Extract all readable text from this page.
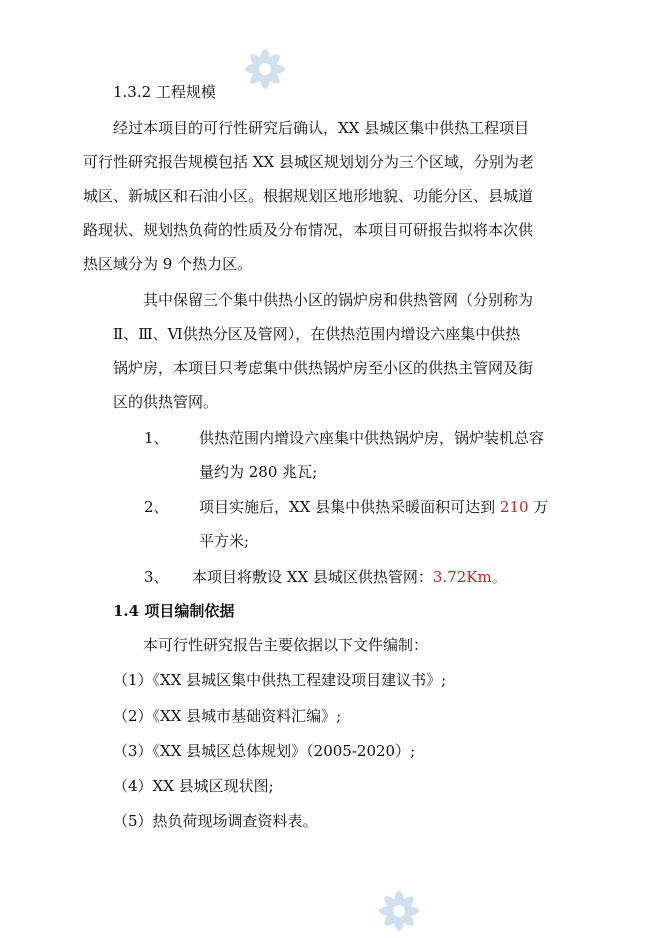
1.3.2 工程规模

经过本项目的可行性研究后确认，XX 县城区集中供热工程项目

可行性研究报告规模包括 XX 县城区规划划分为三个区域，分别为老

城区、新城区和石油小区。根据规划区地形地貌、功能分区、县城道

路现状、规划热负荷的性质及分布情况，本项目可研报告拟将本次供

热区域分为 9 个热力区。

其中保留三个集中供热小区的锅炉房和供热管网（分别称为

Ⅱ、Ⅲ、Ⅵ供热分区及管网），在供热范围内增设六座集中供热

锅炉房，本项目只考虑集中供热锅炉房至小区的供热主管网及街

区的供热管网。

1、 供热范围内增设六座集中供热锅炉房，锅炉装机总容

量约为 280 兆瓦;

2、 项目实施后，XX 县集中供热采暖面积可达到 210 万

平方米;

3、 本项目将敷设 XX 县城区供热管网：3.72Km。

1.4 项目编制依据

本可行性研究报告主要依据以下文件编制：

（1）《XX 县城区集中供热工程建设项目建议书》;

（2）《XX 县城市基础资料汇编》;

（3）《XX 县城区总体规划》（2005-2020）;

（4）XX 县城区现状图;

（5）热负荷现场调查资料表。
